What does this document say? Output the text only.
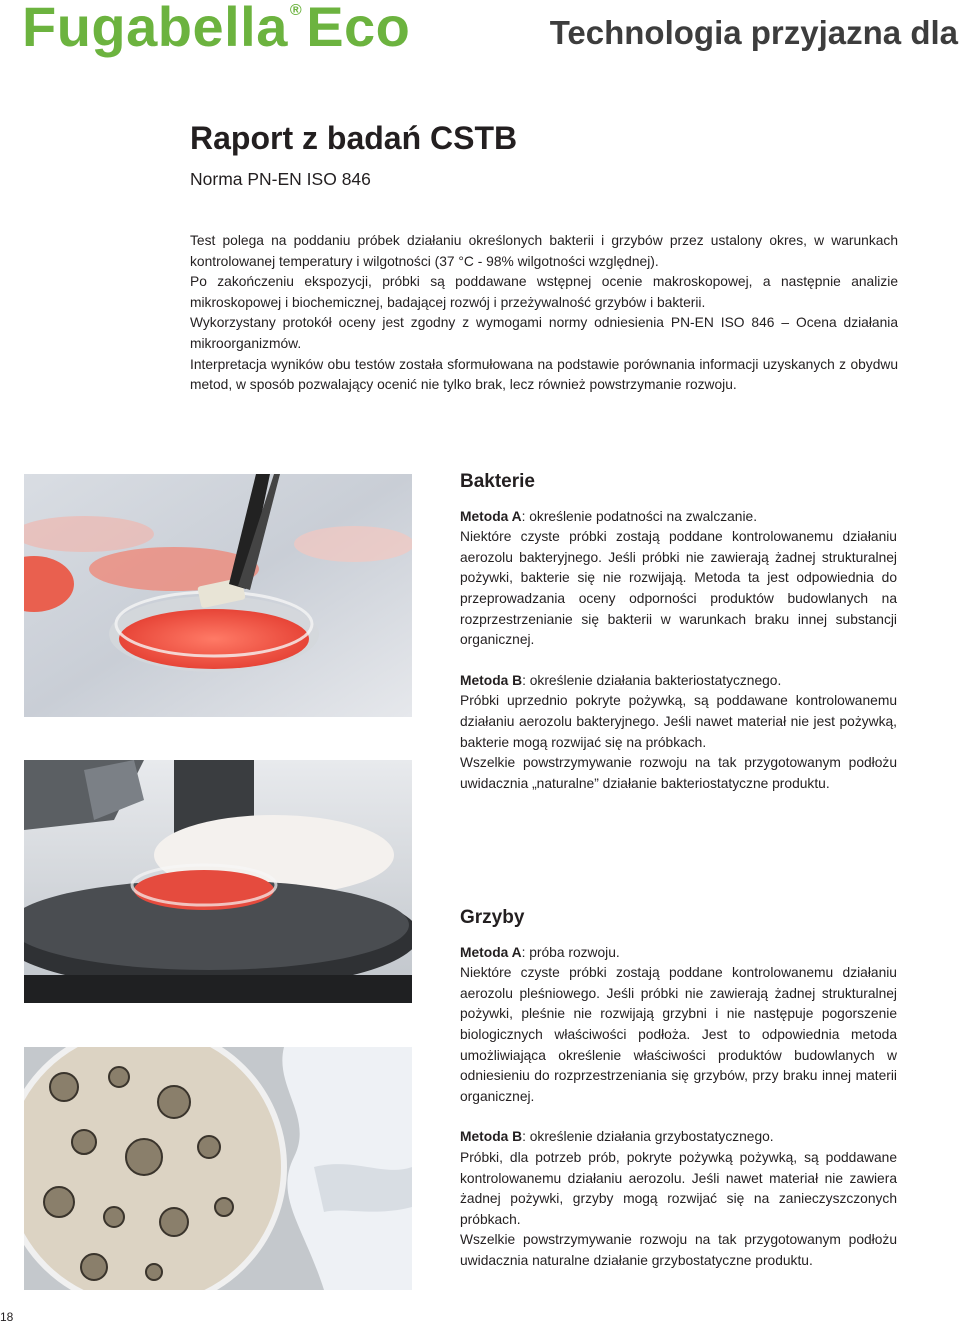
Fugabella ®Eco	Technologia przyjazna dla
Raport z badań CSTB
Norma PN-EN ISO 846

Test polega na poddaniu próbek działaniu określonych bakterii i grzybów przez ustalony okres, w warunkach kontrolowanej temperatury i wilgotności (37 °C - 98% wilgotności względnej).

Po zakończeniu ekspozycji, próbki są poddawane wstępnej ocenie makroskopowej, a następnie analizie mikroskopowej i biochemicznej, badającej rozwój i przeżywalność grzybów i bakterii.

Wykorzystany protokół oceny jest zgodny z wymogami normy odniesienia PN-EN ISO 846 – Ocena działania mikroorganizmów.

Interpretacja wyników obu testów została sformułowana na podstawie porównania informacji uzyskanych z obydwu metod, w sposób pozwalający ocenić nie tylko brak, lecz również powstrzymanie rozwoju.

Bakterie

Metoda A: określenie podatności na zwalczanie.

Niektóre czyste próbki zostają poddane kontrolowanemu działaniu aerozolu bakteryjnego. Jeśli próbki nie zawierają żadnej strukturalnej pożywki, bakterie się nie rozwijają. Metoda ta jest odpowiednia do przeprowadzania oceny odporności produktów budowlanych na rozprzestrzenianie się bakterii w warunkach braku innej substancji organicznej.

Metoda B: określenie działania bakteriostatycznego.

Próbki uprzednio pokryte pożywką, są poddawane kontrolowanemu działaniu aerozolu bakteryjnego. Jeśli nawet materiał nie jest pożywką, bakterie mogą rozwijać się na próbkach.

Wszelkie powstrzymywanie rozwoju na tak przygotowanym podłożu uwidacznia „naturalne” działanie bakteriostatyczne produktu.

Grzyby

Metoda A: próba rozwoju.

Niektóre czyste próbki zostają poddane kontrolowanemu działaniu aerozolu pleśniowego. Jeśli próbki nie zawierają żadnej strukturalnej pożywki, pleśnie nie rozwijają grzybni i nie następuje pogorszenie biologicznych właściwości podłoża. Jest to odpowiednia metoda umożliwiająca określenie właściwości produktów budowlanych w odniesieniu do rozprzestrzeniania się grzybów, przy braku innej materii organicznej.

Metoda B: określenie działania grzybostatycznego.

Próbki, dla potrzeb prób, pokryte pożywką pożywką, są poddawane kontrolowanemu działaniu aerozolu. Jeśli nawet materiał nie zawiera żadnej pożywki, grzyby mogą rozwijać się na zanieczyszczonych próbkach.

Wszelkie powstrzymywanie rozwoju na tak przygotowanym podłożu uwidacznia naturalne działanie grzybostatyczne produktu.

18
